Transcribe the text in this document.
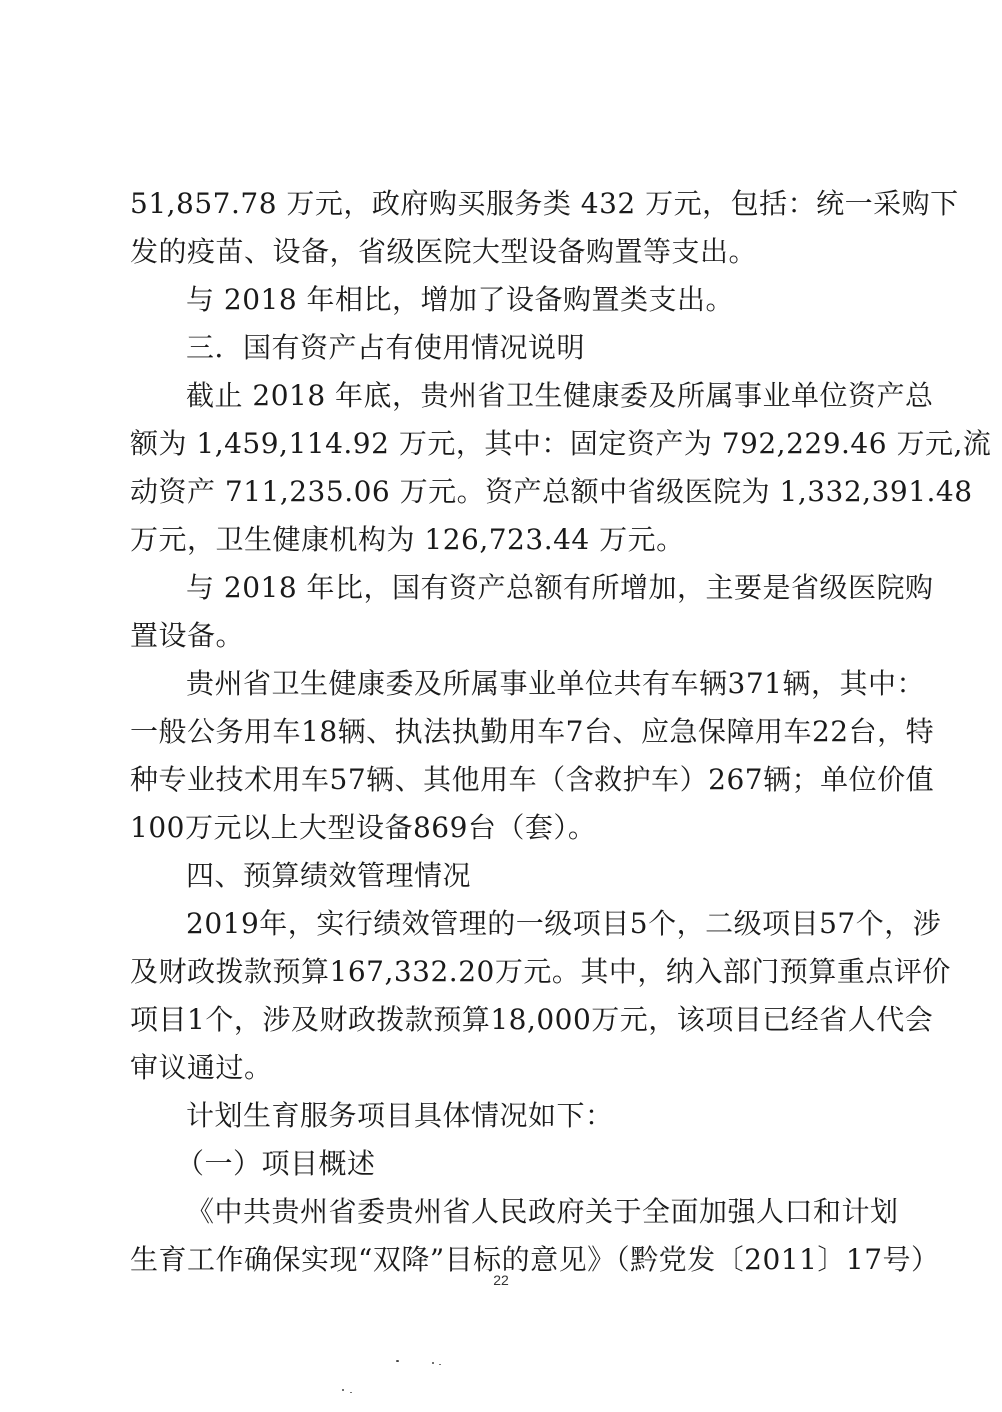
51,857.78 万元，政府购买服务类 432 万元，包括：统一采购下
发的疫苗、设备，省级医院大型设备购置等支出。
与 2018 年相比，增加了设备购置类支出。
三．国有资产占有使用情况说明
截止 2018 年底，贵州省卫生健康委及所属事业单位资产总
额为 1,459,114.92 万元，其中：固定资产为 792,229.46 万元,流
动资产 711,235.06 万元。资产总额中省级医院为 1,332,391.48
万元，卫生健康机构为 126,723.44 万元。
与 2018 年比，国有资产总额有所增加，主要是省级医院购
置设备。
贵州省卫生健康委及所属事业单位共有车辆371辆，其中：
一般公务用车18辆、执法执勤用车7台、应急保障用车22台，特
种专业技术用车57辆、其他用车（含救护车）267辆；单位价值
100万元以上大型设备869台（套）。
四、预算绩效管理情况
2019年，实行绩效管理的一级项目5个，二级项目57个，涉
及财政拨款预算167,332.20万元。其中，纳入部门预算重点评价
项目1个，涉及财政拨款预算18,000万元，该项目已经省人代会
审议通过。
计划生育服务项目具体情况如下：
（一）项目概述
《中共贵州省委贵州省人民政府关于全面加强人口和计划
生育工作确保实现“双降”目标的意见》（黔党发〔2011〕17号）
22
